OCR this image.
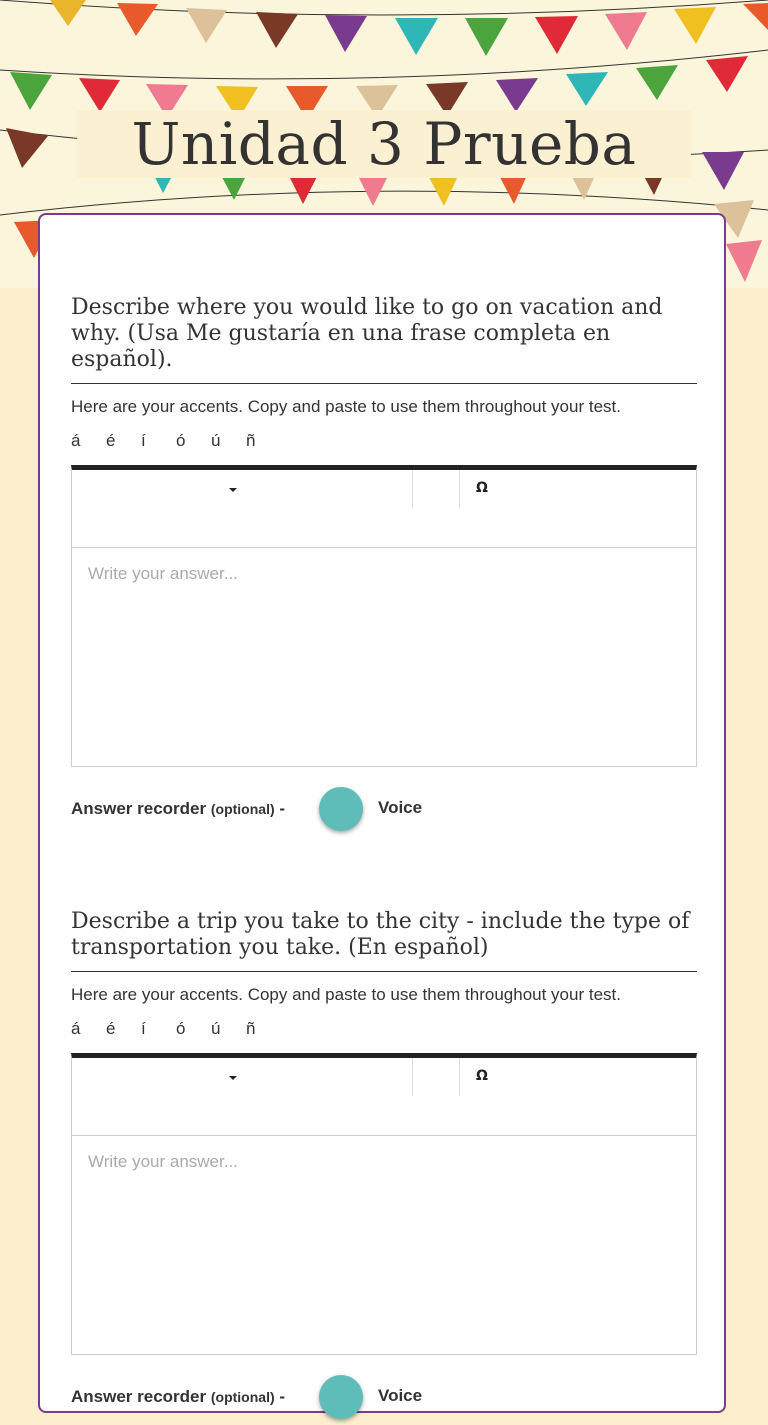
Unidad 3 Prueba
Describe where you would like to go on vacation and why. (Usa Me gustaría en una frase completa en español).
Here are your accents. Copy and paste to use them throughout your test.
á	é	í	ó	ú	ñ
Ω
Write your answer...
Answer recorder (optional) -	Voice
Describe a trip you take to the city - include the type of transportation you take. (En español)
Here are your accents. Copy and paste to use them throughout your test.
á	é	í	ó	ú	ñ
Ω
Write your answer...
Answer recorder (optional) -	Voice
